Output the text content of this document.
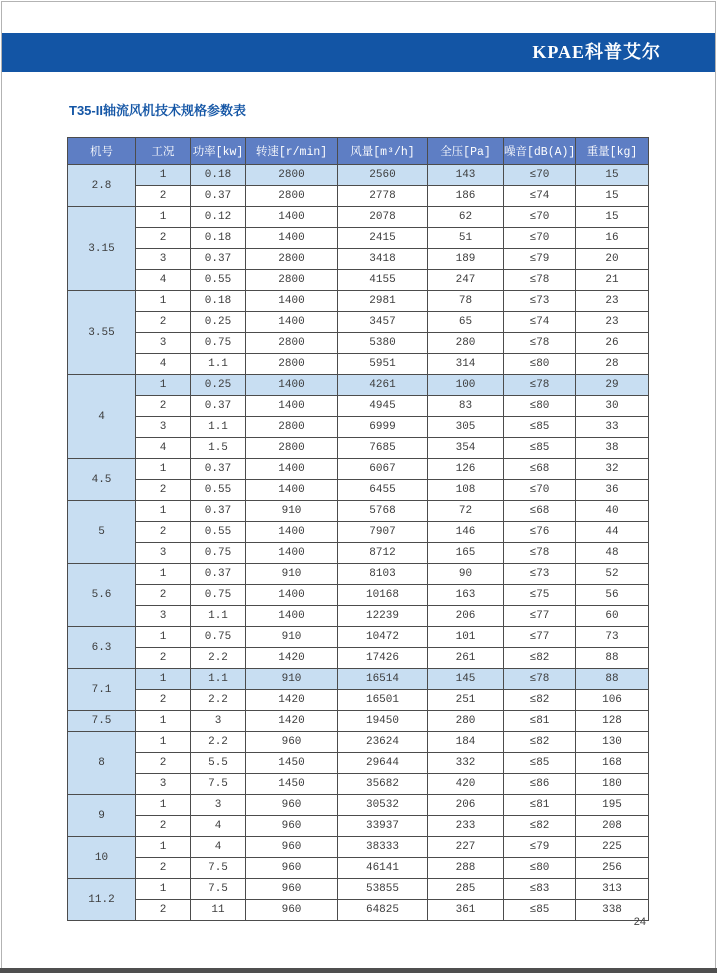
KPAE科普艾尔
T35-II轴流风机技术规格参数表
机号	工况	功率[kw]	转速[r/min]	风量[m³/h]	全压[Pa]	噪音[dB(A)]	重量[kg]
2.8	1	0.18	2800	2560	143	≤70	15
	2	0.37	2800	2778	186	≤74	15
3.15	1	0.12	1400	2078	62	≤70	15
	2	0.18	1400	2415	51	≤70	16
	3	0.37	2800	3418	189	≤79	20
	4	0.55	2800	4155	247	≤78	21
3.55	1	0.18	1400	2981	78	≤73	23
	2	0.25	1400	3457	65	≤74	23
	3	0.75	2800	5380	280	≤78	26
	4	1.1	2800	5951	314	≤80	28
4	1	0.25	1400	4261	100	≤78	29
	2	0.37	1400	4945	83	≤80	30
	3	1.1	2800	6999	305	≤85	33
	4	1.5	2800	7685	354	≤85	38
4.5	1	0.37	1400	6067	126	≤68	32
	2	0.55	1400	6455	108	≤70	36
5	1	0.37	910	5768	72	≤68	40
	2	0.55	1400	7907	146	≤76	44
	3	0.75	1400	8712	165	≤78	48
5.6	1	0.37	910	8103	90	≤73	52
	2	0.75	1400	10168	163	≤75	56
	3	1.1	1400	12239	206	≤77	60
6.3	1	0.75	910	10472	101	≤77	73
	2	2.2	1420	17426	261	≤82	88
7.1	1	1.1	910	16514	145	≤78	88
	2	2.2	1420	16501	251	≤82	106
7.5	1	3	1420	19450	280	≤81	128
8	1	2.2	960	23624	184	≤82	130
	2	5.5	1450	29644	332	≤85	168
	3	7.5	1450	35682	420	≤86	180
9	1	3	960	30532	206	≤81	195
	2	4	960	33937	233	≤82	208
10	1	4	960	38333	227	≤79	225
	2	7.5	960	46141	288	≤80	256
11.2	1	7.5	960	53855	285	≤83	313
	2	11	960	64825	361	≤85	338
24
